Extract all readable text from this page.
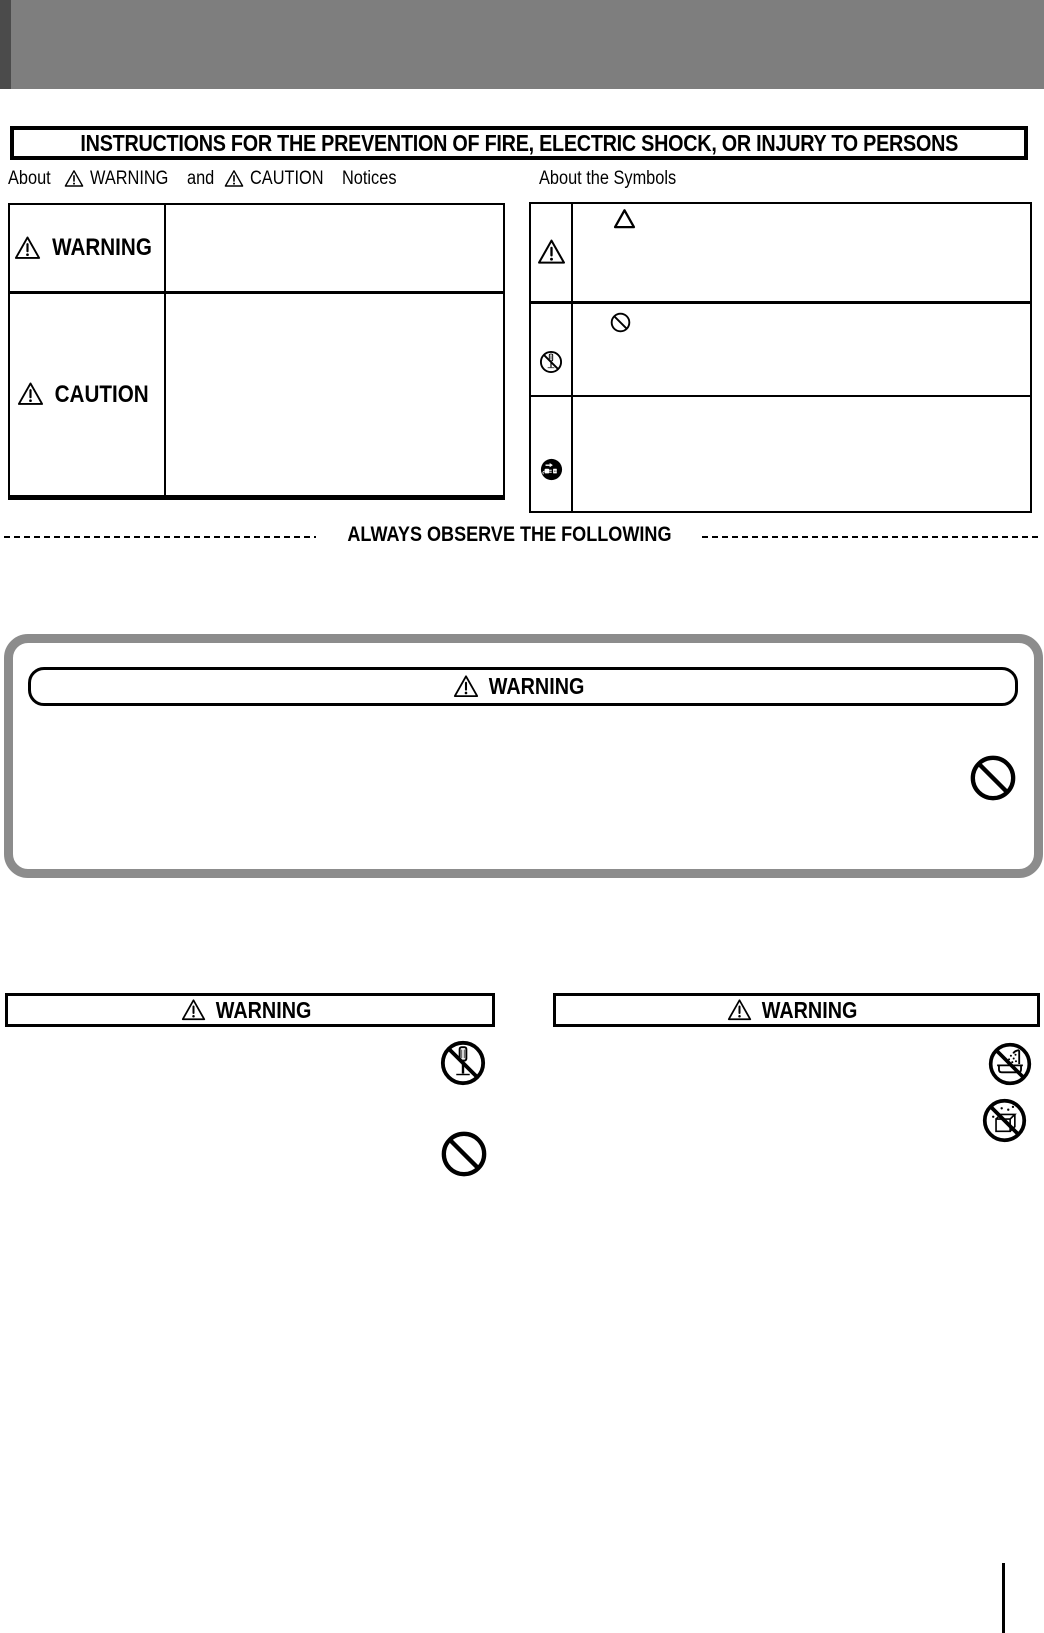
INSTRUCTIONS FOR THE PREVENTION OF FIRE, ELECTRIC SHOCK, OR INJURY TO PERSONS
About WARNING and CAUTION Notices	About the Symbols
WARNING
CAUTION
ALWAYS OBSERVE THE FOLLOWING
WARNING
WARNING	WARNING
